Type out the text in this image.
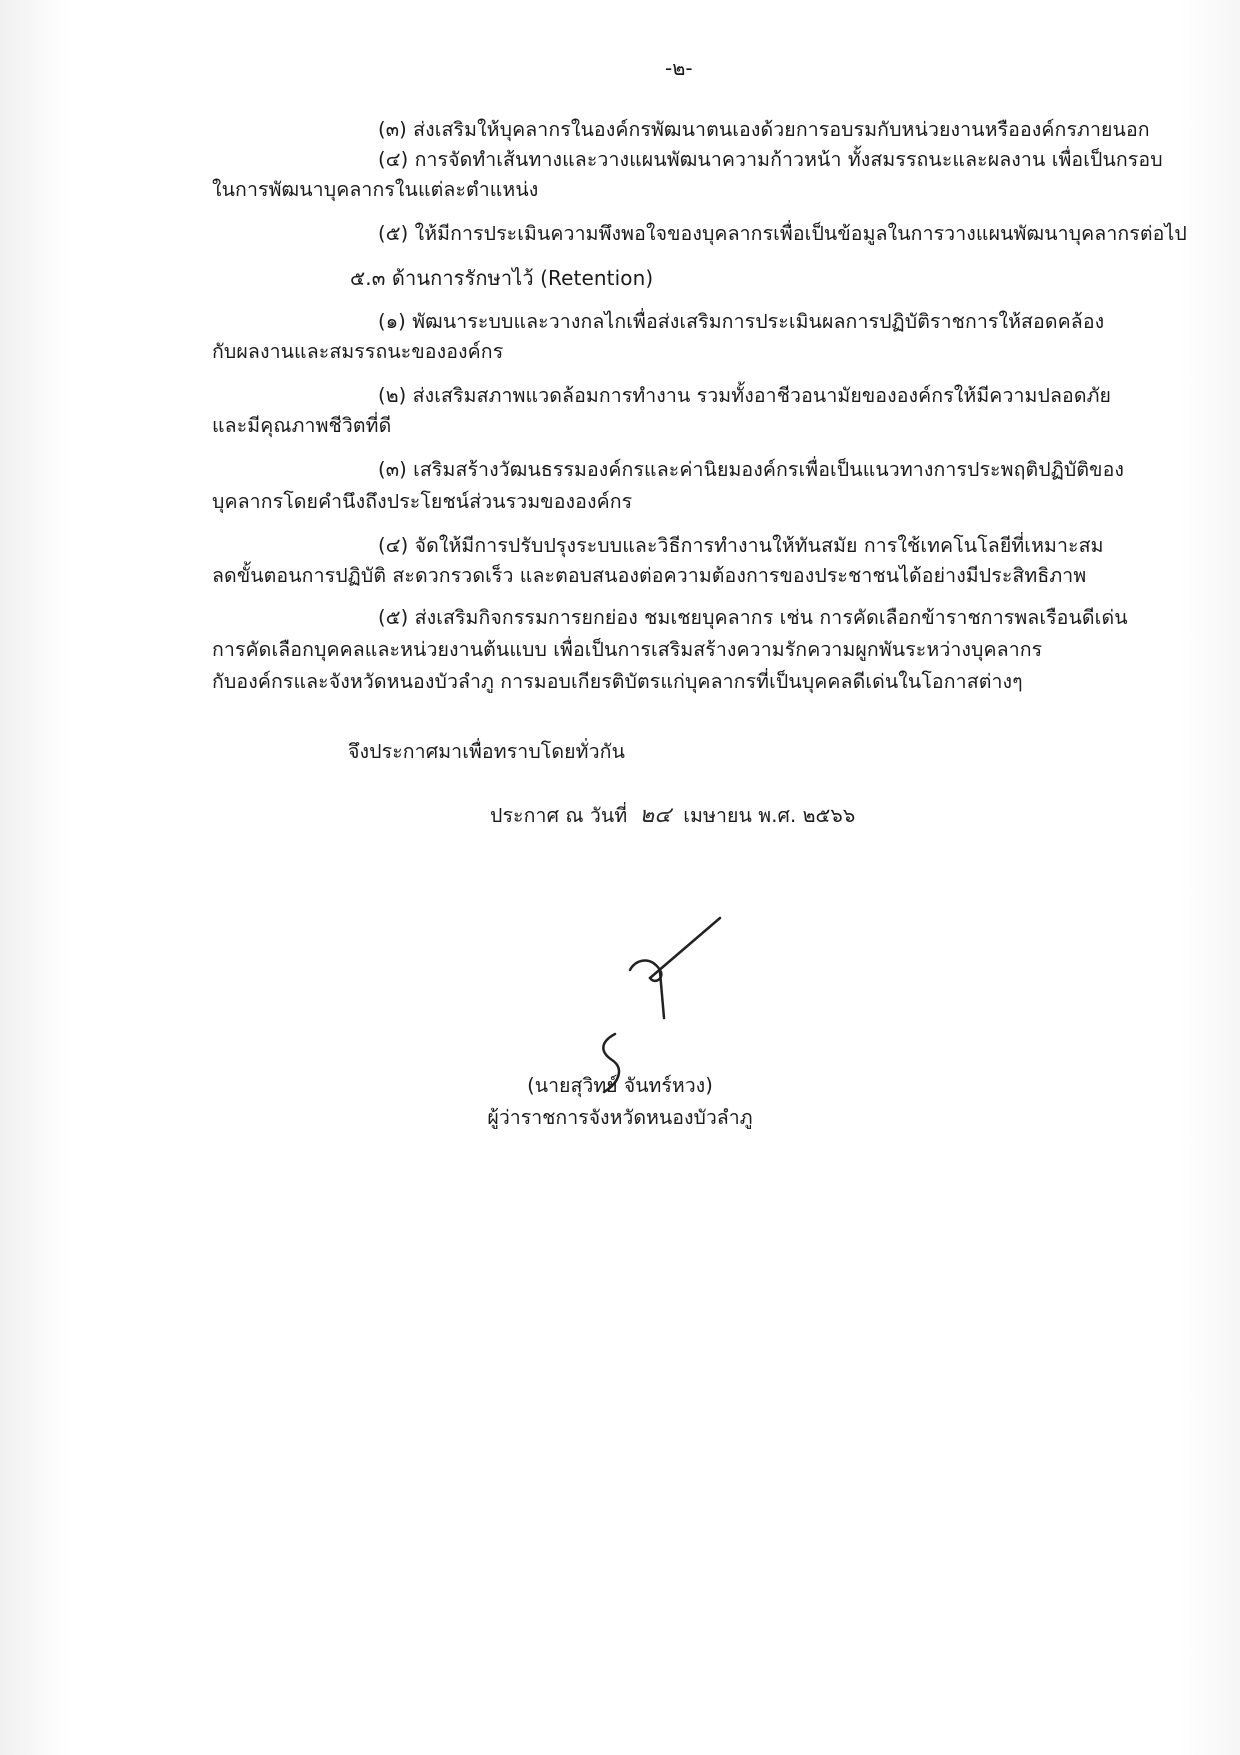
-๒-
(๓) ส่งเสริมให้บุคลากรในองค์กรพัฒนาตนเองด้วยการอบรมกับหน่วยงานหรือองค์กรภายนอก
(๔) การจัดทำเส้นทางและวางแผนพัฒนาความก้าวหน้า ทั้งสมรรถนะและผลงาน เพื่อเป็นกรอบ
ในการพัฒนาบุคลากรในแต่ละตำแหน่ง
(๕) ให้มีการประเมินความพึงพอใจของบุคลากรเพื่อเป็นข้อมูลในการวางแผนพัฒนาบุคลากรต่อไป
๕.๓ ด้านการรักษาไว้ (Retention)
(๑) พัฒนาระบบและวางกลไกเพื่อส่งเสริมการประเมินผลการปฏิบัติราชการให้สอดคล้อง
กับผลงานและสมรรถนะขององค์กร
(๒) ส่งเสริมสภาพแวดล้อมการทำงาน รวมทั้งอาชีวอนามัยขององค์กรให้มีความปลอดภัย
และมีคุณภาพชีวิตที่ดี
(๓) เสริมสร้างวัฒนธรรมองค์กรและค่านิยมองค์กรเพื่อเป็นแนวทางการประพฤติปฏิบัติของ
บุคลากรโดยคำนึงถึงประโยชน์ส่วนรวมขององค์กร
(๔) จัดให้มีการปรับปรุงระบบและวิธีการทำงานให้ทันสมัย การใช้เทคโนโลยีที่เหมาะสม
ลดขั้นตอนการปฏิบัติ สะดวกรวดเร็ว และตอบสนองต่อความต้องการของประชาชนได้อย่างมีประสิทธิภาพ
(๕) ส่งเสริมกิจกรรมการยกย่อง ชมเชยบุคลากร เช่น การคัดเลือกข้าราชการพลเรือนดีเด่น
การคัดเลือกบุคคลและหน่วยงานต้นแบบ เพื่อเป็นการเสริมสร้างความรักความผูกพันระหว่างบุคลากร
กับองค์กรและจังหวัดหนองบัวลำภู การมอบเกียรติบัตรแก่บุคลากรที่เป็นบุคคลดีเด่นในโอกาสต่างๆ
จึงประกาศมาเพื่อทราบโดยทั่วกัน
ประกาศ ณ วันที่ ๒๔ เมษายน พ.ศ. ๒๕๖๖
(นายสุวิทย์ จันทร์หวง)
ผู้ว่าราชการจังหวัดหนองบัวลำภู
